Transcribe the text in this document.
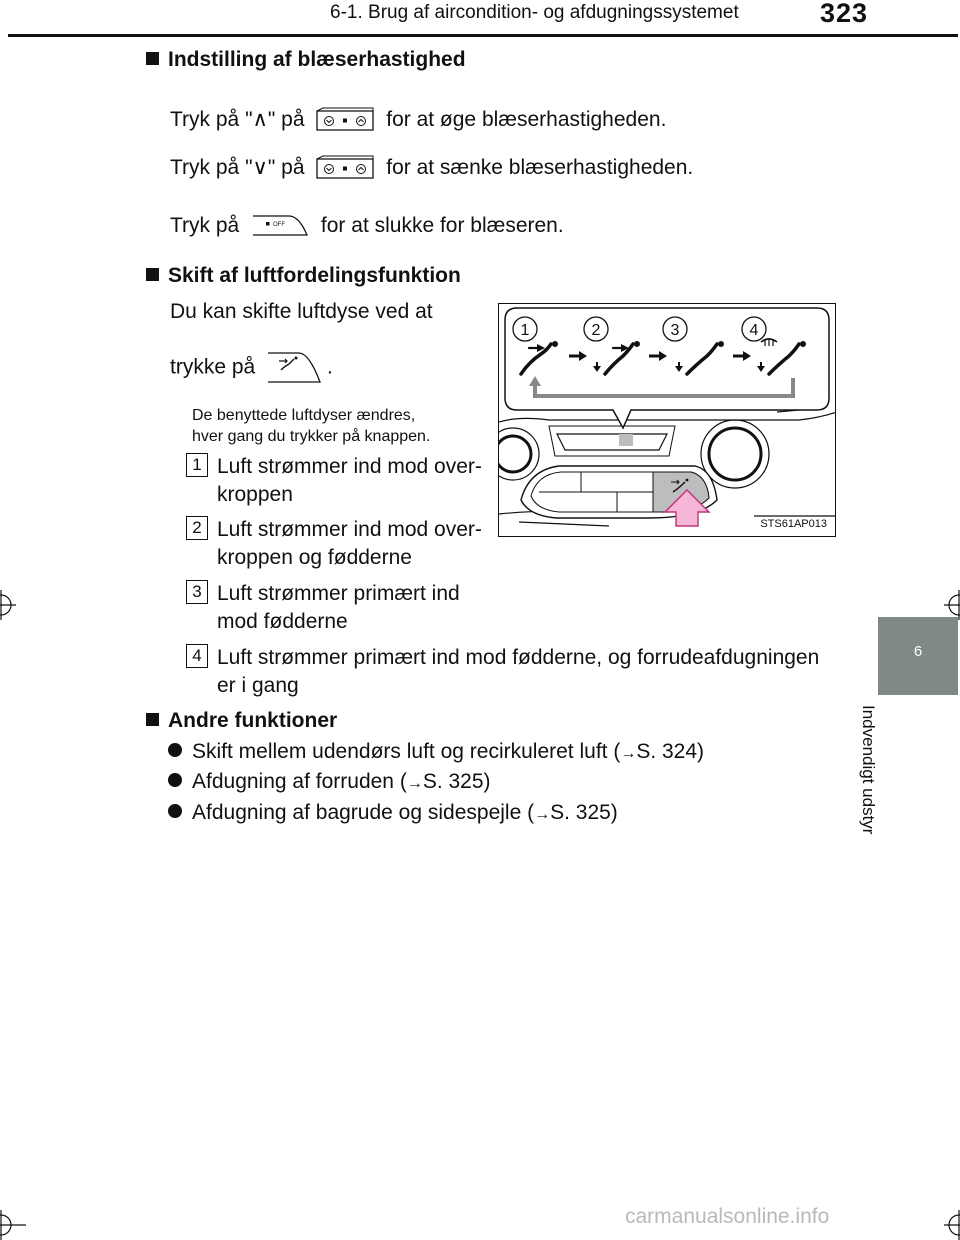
6-1. Brug af aircondition- og afdugningssystemet	323
6
Indvendigt udstyr
Indstilling af blæserhastighed
Tryk på "∧" på	for at øge blæserhastigheden.
Tryk på "∨" på	for at sænke blæserhastigheden.
Tryk på	OFF for at slukke for blæseren.
Skift af luftfordelingsfunktion
Du kan skifte luftdyse ved at
trykke på	.
De benyttede luftdyser ændres,
hver gang du trykker på knappen.
1 Luft strømmer ind mod over-
kroppen
2 Luft strømmer ind mod over-
kroppen og fødderne
3 Luft strømmer primært ind
mod fødderne
4 Luft strømmer primært ind mod fødderne, og forrudeafdugningen
er i gang
1	2	3	4
STS61AP013
Andre funktioner
Skift mellem udendørs luft og recirkuleret luft (→S. 324)
Afdugning af forruden (→S. 325)
Afdugning af bagrude og sidespejle (→S. 325)
carmanualsonline.info
